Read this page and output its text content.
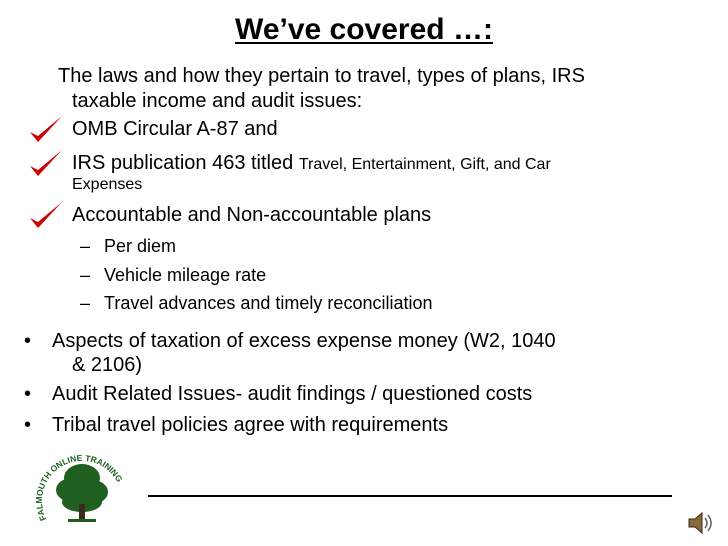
We’ve covered …:
The laws and how they pertain to travel, types of plans, IRS
taxable income and audit issues:
OMB Circular A-87 and
IRS publication 463 titled Travel, Entertainment, Gift, and Car
Expenses
Accountable and Non-accountable plans
– Per diem
– Vehicle mileage rate
– Travel advances and timely reconciliation
• Aspects of taxation of excess expense money (W2, 1040
& 2106)
• Audit Related Issues- audit findings / questioned costs
• Tribal travel policies agree with requirements
FALMOUTH ONLINE TRAINING
